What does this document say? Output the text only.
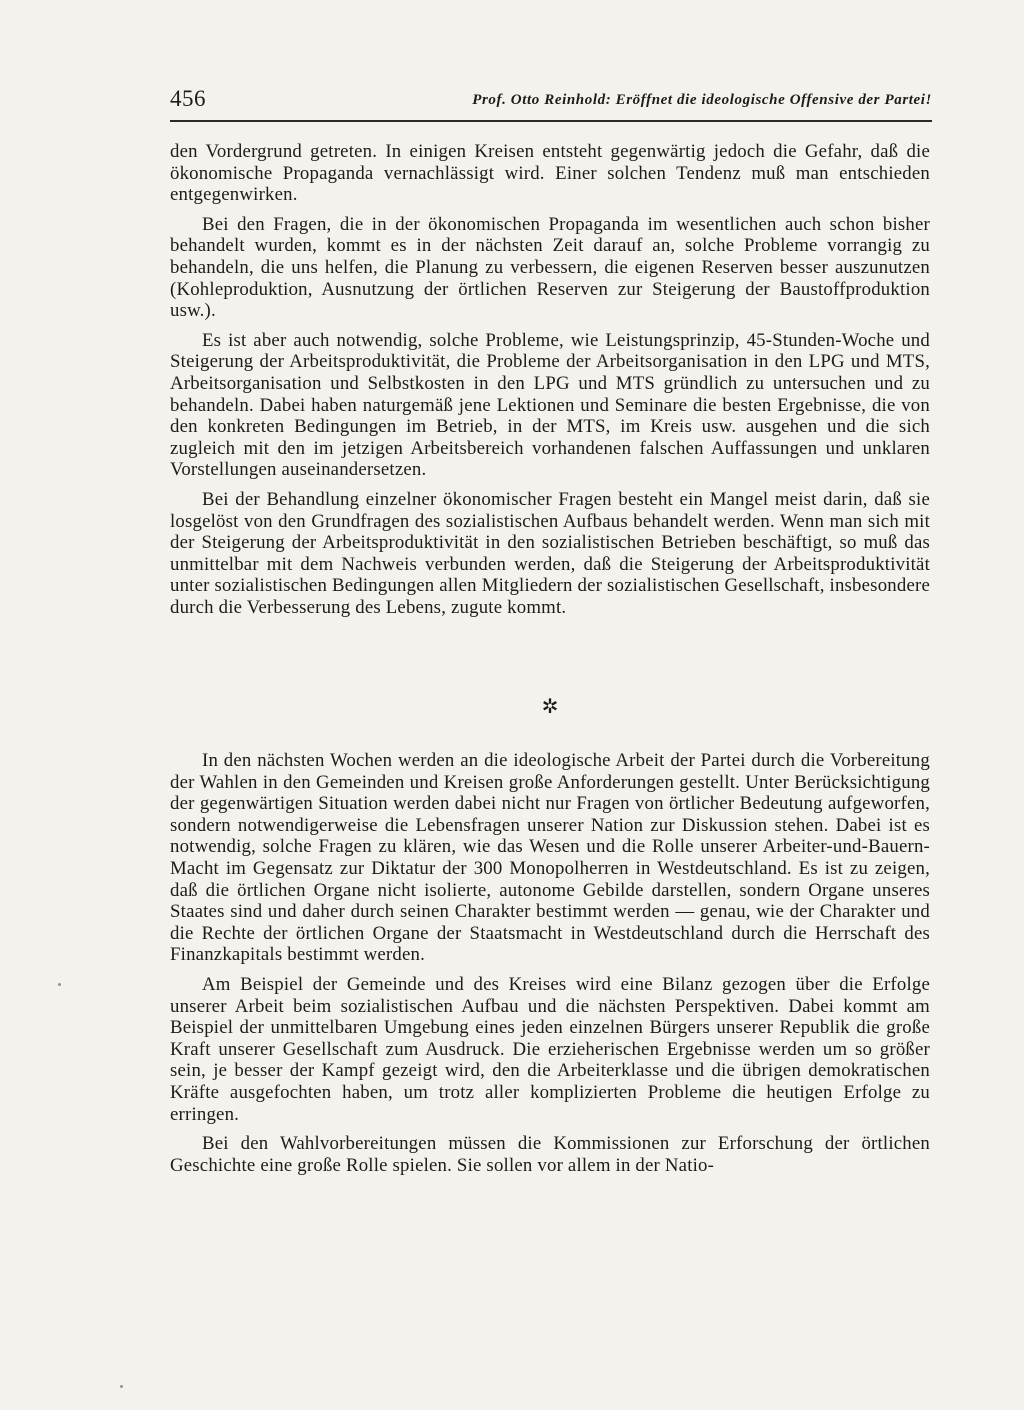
456	Prof. Otto Reinhold: Eröffnet die ideologische Offensive der Partei!

den Vordergrund getreten. In einigen Kreisen entsteht gegenwärtig jedoch die Gefahr, daß die ökonomische Propaganda vernachlässigt wird. Einer solchen Tendenz muß man entschieden entgegenwirken.

Bei den Fragen, die in der ökonomischen Propaganda im wesentlichen auch schon bisher behandelt wurden, kommt es in der nächsten Zeit darauf an, solche Probleme vorrangig zu behandeln, die uns helfen, die Planung zu verbessern, die eigenen Reserven besser auszunutzen (Kohleproduktion, Ausnutzung der örtlichen Reserven zur Steigerung der Baustoffproduktion usw.).

Es ist aber auch notwendig, solche Probleme, wie Leistungsprinzip, 45-Stunden-Woche und Steigerung der Arbeitsproduktivität, die Probleme der Arbeitsorganisation in den LPG und MTS, Arbeitsorganisation und Selbstkosten in den LPG und MTS gründlich zu untersuchen und zu behandeln. Dabei haben naturgemäß jene Lektionen und Seminare die besten Ergebnisse, die von den konkreten Bedingungen im Betrieb, in der MTS, im Kreis usw. ausgehen und die sich zugleich mit den im jetzigen Arbeitsbereich vorhandenen falschen Auffassungen und unklaren Vorstellungen auseinandersetzen.

Bei der Behandlung einzelner ökonomischer Fragen besteht ein Mangel meist darin, daß sie losgelöst von den Grundfragen des sozialistischen Aufbaus behandelt werden. Wenn man sich mit der Steigerung der Arbeitsproduktivität in den sozialistischen Betrieben beschäftigt, so muß das unmittelbar mit dem Nachweis verbunden werden, daß die Steigerung der Arbeitsproduktivität unter sozialistischen Bedingungen allen Mitgliedern der sozialistischen Gesellschaft, insbesondere durch die Verbesserung des Lebens, zugute kommt.

✲

In den nächsten Wochen werden an die ideologische Arbeit der Partei durch die Vorbereitung der Wahlen in den Gemeinden und Kreisen große Anforderungen gestellt. Unter Berücksichtigung der gegenwärtigen Situation werden dabei nicht nur Fragen von örtlicher Bedeutung aufgeworfen, sondern notwendigerweise die Lebensfragen unserer Nation zur Diskussion stehen. Dabei ist es notwendig, solche Fragen zu klären, wie das Wesen und die Rolle unserer Arbeiter-und-Bauern-Macht im Gegensatz zur Diktatur der 300 Monopolherren in Westdeutschland. Es ist zu zeigen, daß die örtlichen Organe nicht isolierte, autonome Gebilde darstellen, sondern Organe unseres Staates sind und daher durch seinen Charakter bestimmt werden — genau, wie der Charakter und die Rechte der örtlichen Organe der Staatsmacht in Westdeutschland durch die Herrschaft des Finanzkapitals bestimmt werden.

Am Beispiel der Gemeinde und des Kreises wird eine Bilanz gezogen über die Erfolge unserer Arbeit beim sozialistischen Aufbau und die nächsten Perspektiven. Dabei kommt am Beispiel der unmittelbaren Umgebung eines jeden einzelnen Bürgers unserer Republik die große Kraft unserer Gesellschaft zum Ausdruck. Die erzieherischen Ergebnisse werden um so größer sein, je besser der Kampf gezeigt wird, den die Arbeiterklasse und die übrigen demokratischen Kräfte ausgefochten haben, um trotz aller komplizierten Probleme die heutigen Erfolge zu erringen.

Bei den Wahlvorbereitungen müssen die Kommissionen zur Erforschung der örtlichen Geschichte eine große Rolle spielen. Sie sollen vor allem in der Natio-
